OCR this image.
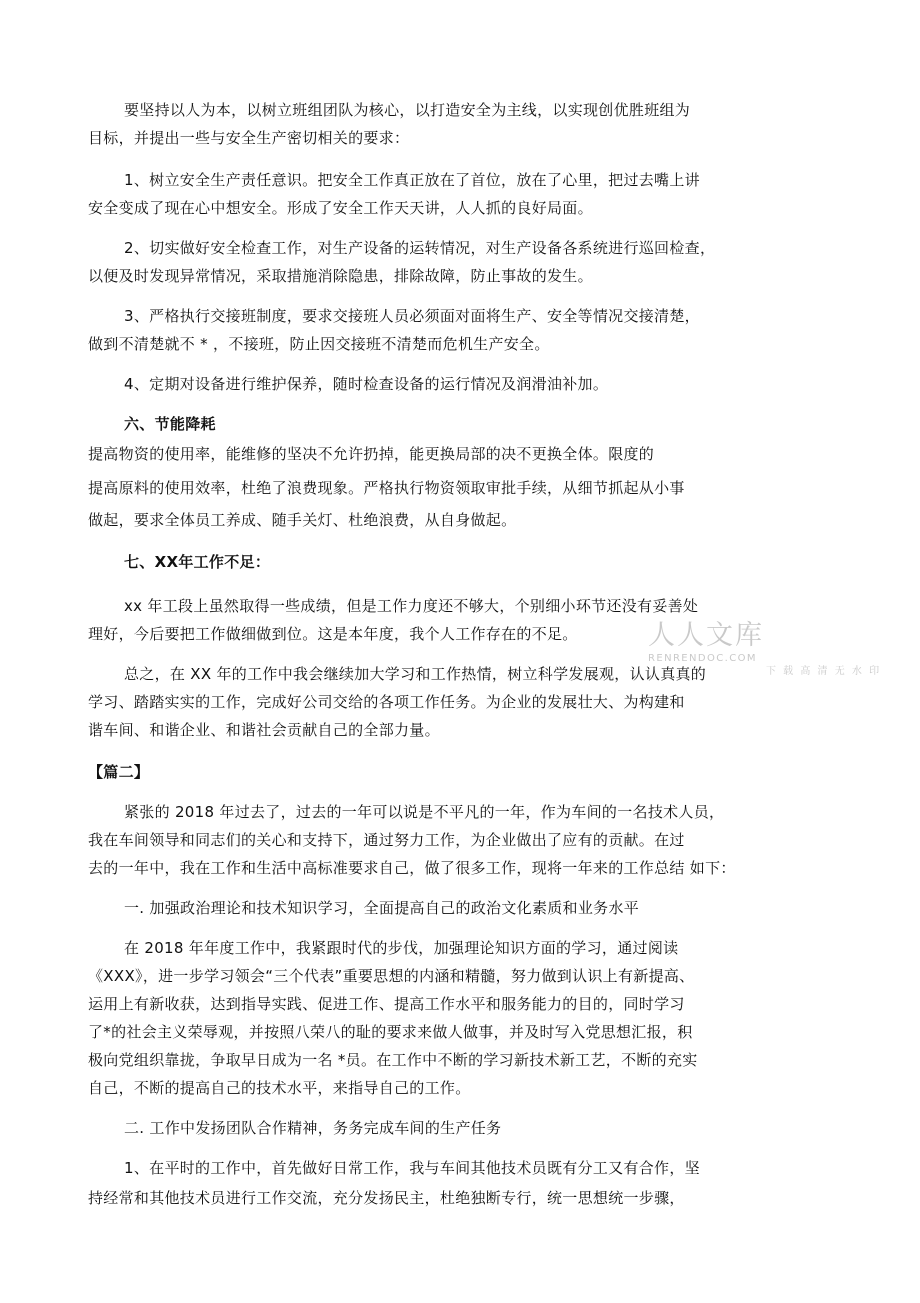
要坚持以人为本，以树立班组团队为核心，以打造安全为主线，以实现创优胜班组为
目标，并提出一些与安全生产密切相关的要求：
1、树立安全生产责任意识。把安全工作真正放在了首位，放在了心里，把过去嘴上讲
安全变成了现在心中想安全。形成了安全工作天天讲，人人抓的良好局面。
2、切实做好安全检查工作，对生产设备的运转情况，对生产设备各系统进行巡回检查，
以便及时发现异常情况，采取措施消除隐患，排除故障，防止事故的发生。
3、严格执行交接班制度，要求交接班人员必须面对面将生产、安全等情况交接清楚，
做到不清楚就不 * ，不接班，防止因交接班不清楚而危机生产安全。
4、定期对设备进行维护保养，随时检查设备的运行情况及润滑油补加。
六、节能降耗
提高物资的使用率，能维修的坚决不允许扔掉，能更换局部的决不更换全体。限度的
提高原料的使用效率，杜绝了浪费现象。严格执行物资领取审批手续，从细节抓起从小事
做起，要求全体员工养成、随手关灯、杜绝浪费，从自身做起。
七、XX年工作不足：
xx 年工段上虽然取得一些成绩，但是工作力度还不够大，个别细小环节还没有妥善处
理好，今后要把工作做细做到位。这是本年度，我个人工作存在的不足。
总之，在 XX 年的工作中我会继续加大学习和工作热情，树立科学发展观，认认真真的
学习、踏踏实实的工作，完成好公司交给的各项工作任务。为企业的发展壮大、为构建和
谐车间、和谐企业、和谐社会贡献自己的全部力量。
【篇二】
紧张的 2018 年过去了，过去的一年可以说是不平凡的一年，作为车间的一名技术人员，
我在车间领导和同志们的关心和支持下，通过努力工作，为企业做出了应有的贡献。在过
去的一年中，我在工作和生活中高标准要求自己，做了很多工作，现将一年来的工作总结 如下：
一. 加强政治理论和技术知识学习，全面提高自己的政治文化素质和业务水平
在 2018 年年度工作中，我紧跟时代的步伐，加强理论知识方面的学习，通过阅读
《XXX》，进一步学习领会“三个代表”重要思想的内涵和精髓，努力做到认识上有新提高、
运用上有新收获，达到指导实践、促进工作、提高工作水平和服务能力的目的，同时学习
了*的社会主义荣辱观，并按照八荣八的耻的要求来做人做事，并及时写入党思想汇报，积
极向党组织靠拢，争取早日成为一名 *员。在工作中不断的学习新技术新工艺，不断的充实
自己，不断的提高自己的技术水平，来指导自己的工作。
二. 工作中发扬团队合作精神，务务完成车间的生产任务
1、在平时的工作中，首先做好日常工作，我与车间其他技术员既有分工又有合作，坚
持经常和其他技术员进行工作交流，充分发扬民主，杜绝独断专行，统一思想统一步骤，
人人文库
RENRENDOC.COM
下 载 高 清 无 水 印
